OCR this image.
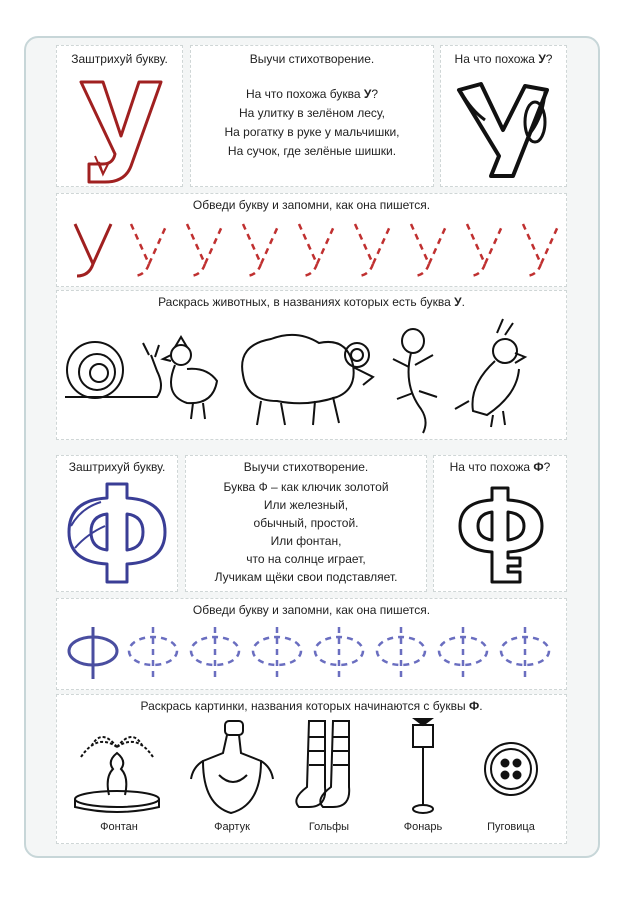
Заштрихуй букву.	Выучи стихотворение.
На что похожа буква У?
На улитку в зелёном лесу,
На рогатку в руке у мальчишки,
На сучок, где зелёные шишки.
На что похожа У?
Обведи букву и запомни, как она пишется.
Раскрась животных, в названиях которых есть буква У.
Заштрихуй букву.	Выучи стихотворение.
Буква Ф – как ключик золотой
Или железный,
обычный, простой.
Или фонтан,
что на солнце играет,
Лучикам щёки свои подставляет.
На что похожа Ф?
Обведи букву и запомни, как она пишется.
Раскрась картинки, названия которых начинаются с буквы Ф.
Фонтан	Фартук	Гольфы	Фонарь	Пуговица
